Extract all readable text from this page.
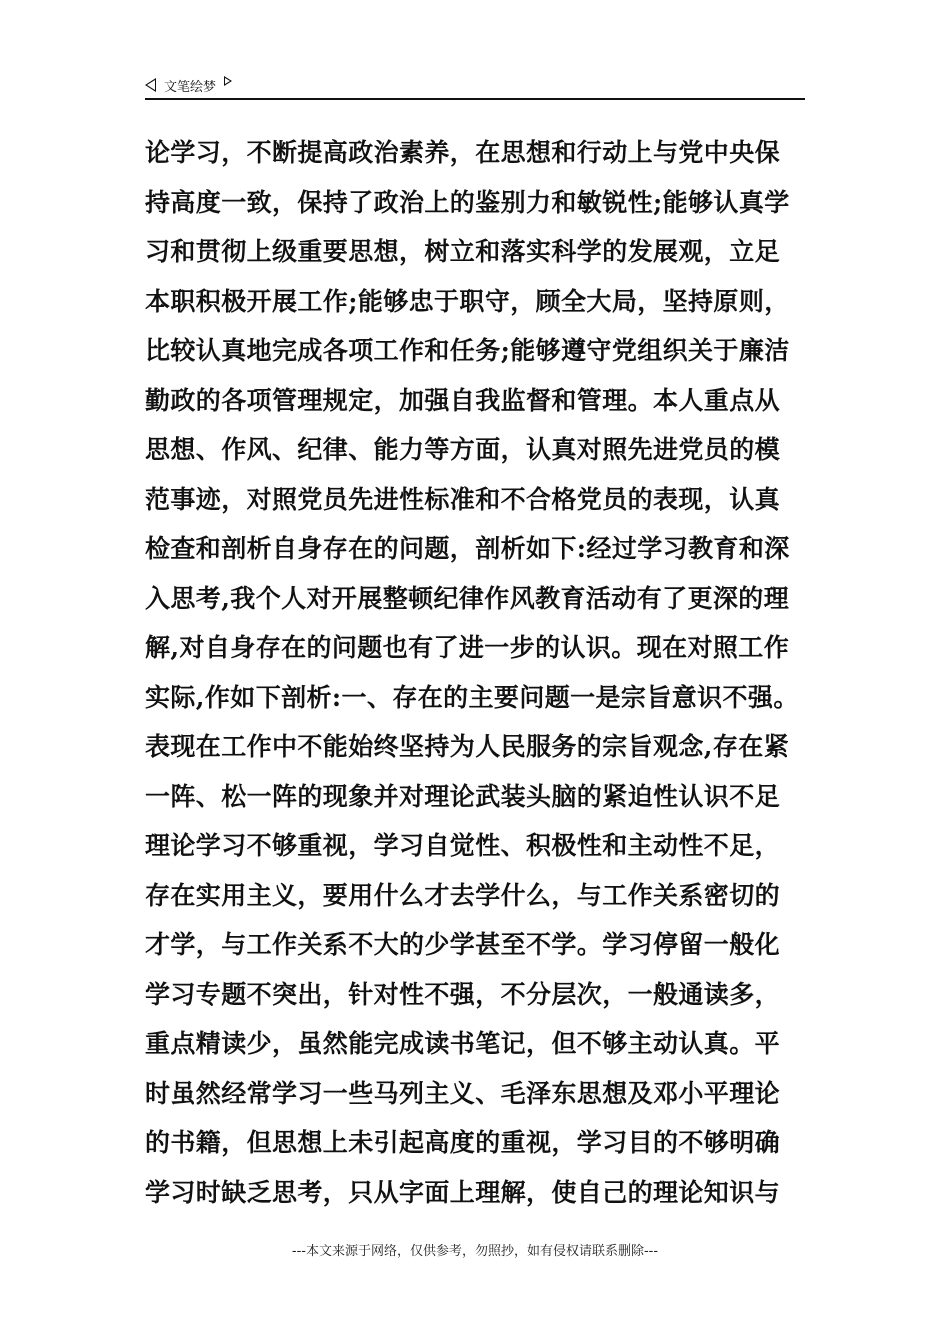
文笔绘梦
论学习，不断提高政治素养，在思想和行动上与党中央保
持高度一致，保持了政治上的鉴别力和敏锐性;能够认真学
习和贯彻上级重要思想，树立和落实科学的发展观，立足
本职积极开展工作;能够忠于职守，顾全大局，坚持原则，
比较认真地完成各项工作和任务;能够遵守党组织关于廉洁
勤政的各项管理规定，加强自我监督和管理。本人重点从
思想、作风、纪律、能力等方面，认真对照先进党员的模
范事迹，对照党员先进性标准和不合格党员的表现，认真
检查和剖析自身存在的问题，剖析如下:经过学习教育和深
入思考,我个人对开展整顿纪律作风教育活动有了更深的理
解,对自身存在的问题也有了进一步的认识。现在对照工作
实际,作如下剖析:一、存在的主要问题一是宗旨意识不强。
表现在工作中不能始终坚持为人民服务的宗旨观念,存在紧
一阵、松一阵的现象并对理论武装头脑的紧迫性认识不足
理论学习不够重视，学习自觉性、积极性和主动性不足，
存在实用主义，要用什么才去学什么，与工作关系密切的
才学，与工作关系不大的少学甚至不学。学习停留一般化
学习专题不突出，针对性不强，不分层次，一般通读多，
重点精读少，虽然能完成读书笔记，但不够主动认真。平
时虽然经常学习一些马列主义、毛泽东思想及邓小平理论
的书籍，但思想上未引起高度的重视，学习目的不够明确
学习时缺乏思考，只从字面上理解，使自己的理论知识与
---本文来源于网络，仅供参考，勿照抄，如有侵权请联系删除---
